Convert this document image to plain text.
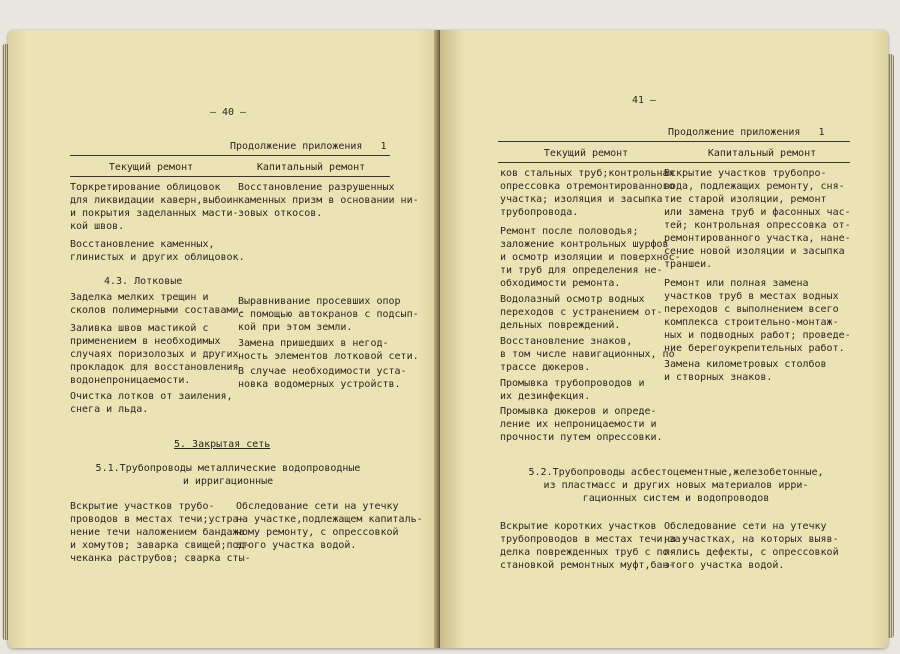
— 40 —
Продолжение приложения   1
Текущий ремонт	Капитальный ремонт
Торкретирование облицовок
для ликвидации каверн,выбоин
и покрытия заделанных масти-
кой швов.
Восстановление каменных,
глинистых и других облицовок.
Восстановление разрушенных
каменных призм в основании ни-
зовых откосов.
4.3. Лотковые
Заделка мелких трещин и
сколов полимерными составами.
Заливка швов мастикой с
применением в необходимых
случаях поризолозых и других
прокладок для восстановления
водонепроницаемости.
Очистка лотков от заиления,
снега и льда.
Выравнивание просевших опор
с помощью автокранов с подсып-
кой при этом земли.
Замена пришедших в негод-
ность элементов лотковой сети.
В случае необходимости уста-
новка водомерных устройств.
5. Закрытая сеть
5.1.Трубопроводы металлические водопроводные
и ирригационные
Вскрытие участков трубо-
проводов в местах течи;устра-
нение течи наложением бандажа
и хомутов; заварка свищей;под-
чеканка раструбов; сварка сты-
Обследование сети на утечку
на участке,подлежащем капиталь-
ному ремонту, с опрессовкой
этого участка водой.
41 —
Продолжение приложения   1
Текущий ремонт	Капитальный ремонт
ков стальных труб;контрольная
опрессовка отремонтированного
участка; изоляция и засыпка
трубопровода.
Ремонт после половодья;
заложение контрольных шурфов
и осмотр изоляции и поверхнос-
ти труб для определения не-
обходимости ремонта.
Водолазный осмотр водных
переходов с устранением от-
дельных повреждений.
Восстановление знаков,
в том числе навигационных, по
трассе дюкеров.
Промывка трубопроводов и
их дезинфекция.
Промывка дюкеров и опреде-
ление их непроницаемости и
прочности путем опрессовки.
Вскрытие участков трубопро-
вода, подлежащих ремонту, сня-
тие старой изоляции, ремонт
или замена труб и фасонных час-
тей; контрольная опрессовка от-
ремонтированного участка, нане-
сение новой изоляции и засыпка
траншеи.
Ремонт или полная замена
участков труб в местах водных
переходов с выполнением всего
комплекса строительно-монтаж-
ных и подводных работ; проведе-
ние берегоукрепительных работ.
Замена километровых столбов
и створных знаков.
5.2.Трубопроводы асбестоцементные,железобетонные,
из пластмасс и других новых материалов ирри-
гационных систем и водопроводов
Вскрытие коротких участков
трубопроводов в местах течи;за-
делка поврежденных труб с по-
становкой ремонтных муфт,бан-
Обследование сети на утечку
на участках, на которых выяв-
лялись дефекты, с опрессовкой
этого участка водой.
